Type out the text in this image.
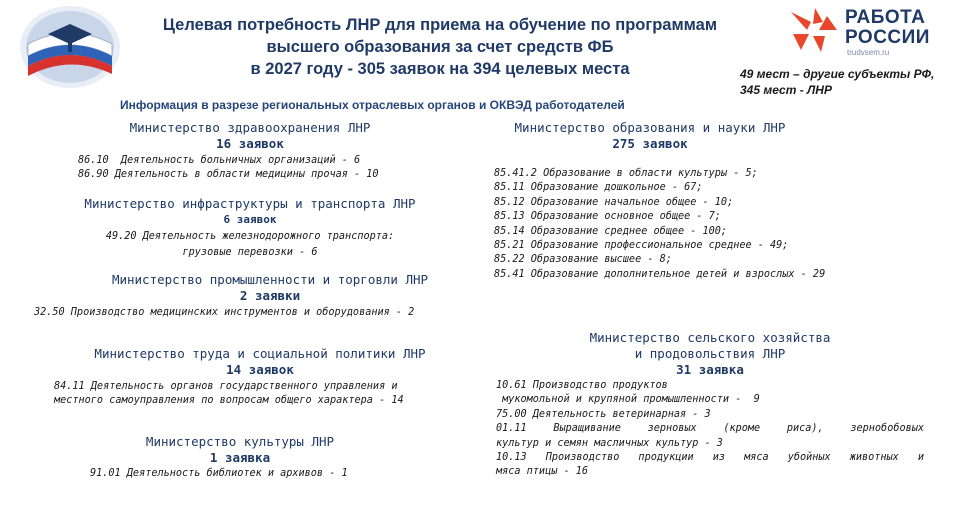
Целевая потребность ЛНР для приема на обучение по программам
высшего образования за счет средств ФБ
в 2027 году - 305 заявок на 394 целевых места
РАБОТА
РОССИИ
trudvsem.ru
49 мест – другие субъекты РФ,
345 мест - ЛНР
Информация в разрезе региональных отраслевых органов и ОКВЭД работодателей
Министерство здравоохранения ЛНР
16 заявок
86.10  Деятельность больничных организаций - 6
86.90 Деятельность в области медицины прочая - 10
Министерство инфраструктуры и транспорта ЛНР
6 заявок
49.20 Деятельность железнодорожного транспорта:
грузовые перевозки - 6
Министерство промышленности и торговли ЛНР
2 заявки
32.50 Производство медицинских инструментов и оборудования - 2
Министерство труда и социальной политики ЛНР
14 заявок
84.11 Деятельность органов государственного управления и
местного самоуправления по вопросам общего характера - 14
Министерство культуры ЛНР
1 заявка
91.01 Деятельность библиотек и архивов - 1
Министерство образования и науки ЛНР
275 заявок
85.41.2 Образование в области культуры - 5;
85.11 Образование дошкольное - 67;
85.12 Образование начальное общее - 10;
85.13 Образование основное общее - 7;
85.14 Образование среднее общее - 100;
85.21 Образование профессиональное среднее - 49;
85.22 Образование высшее - 8;
85.41 Образование дополнительное детей и взрослых - 29
Министерство сельского хозяйства
и продовольствия ЛНР
31 заявка
10.61 Производство продуктов
мукомольной и крупяной промышленности -  9
75.00 Деятельность ветеринарная - 3
01.11 Выращивание зерновых (кроме риса), зернобобовых
культур и семян масличных культур - 3
10.13 Производство продукции из мяса убойных животных и
мяса птицы - 16
